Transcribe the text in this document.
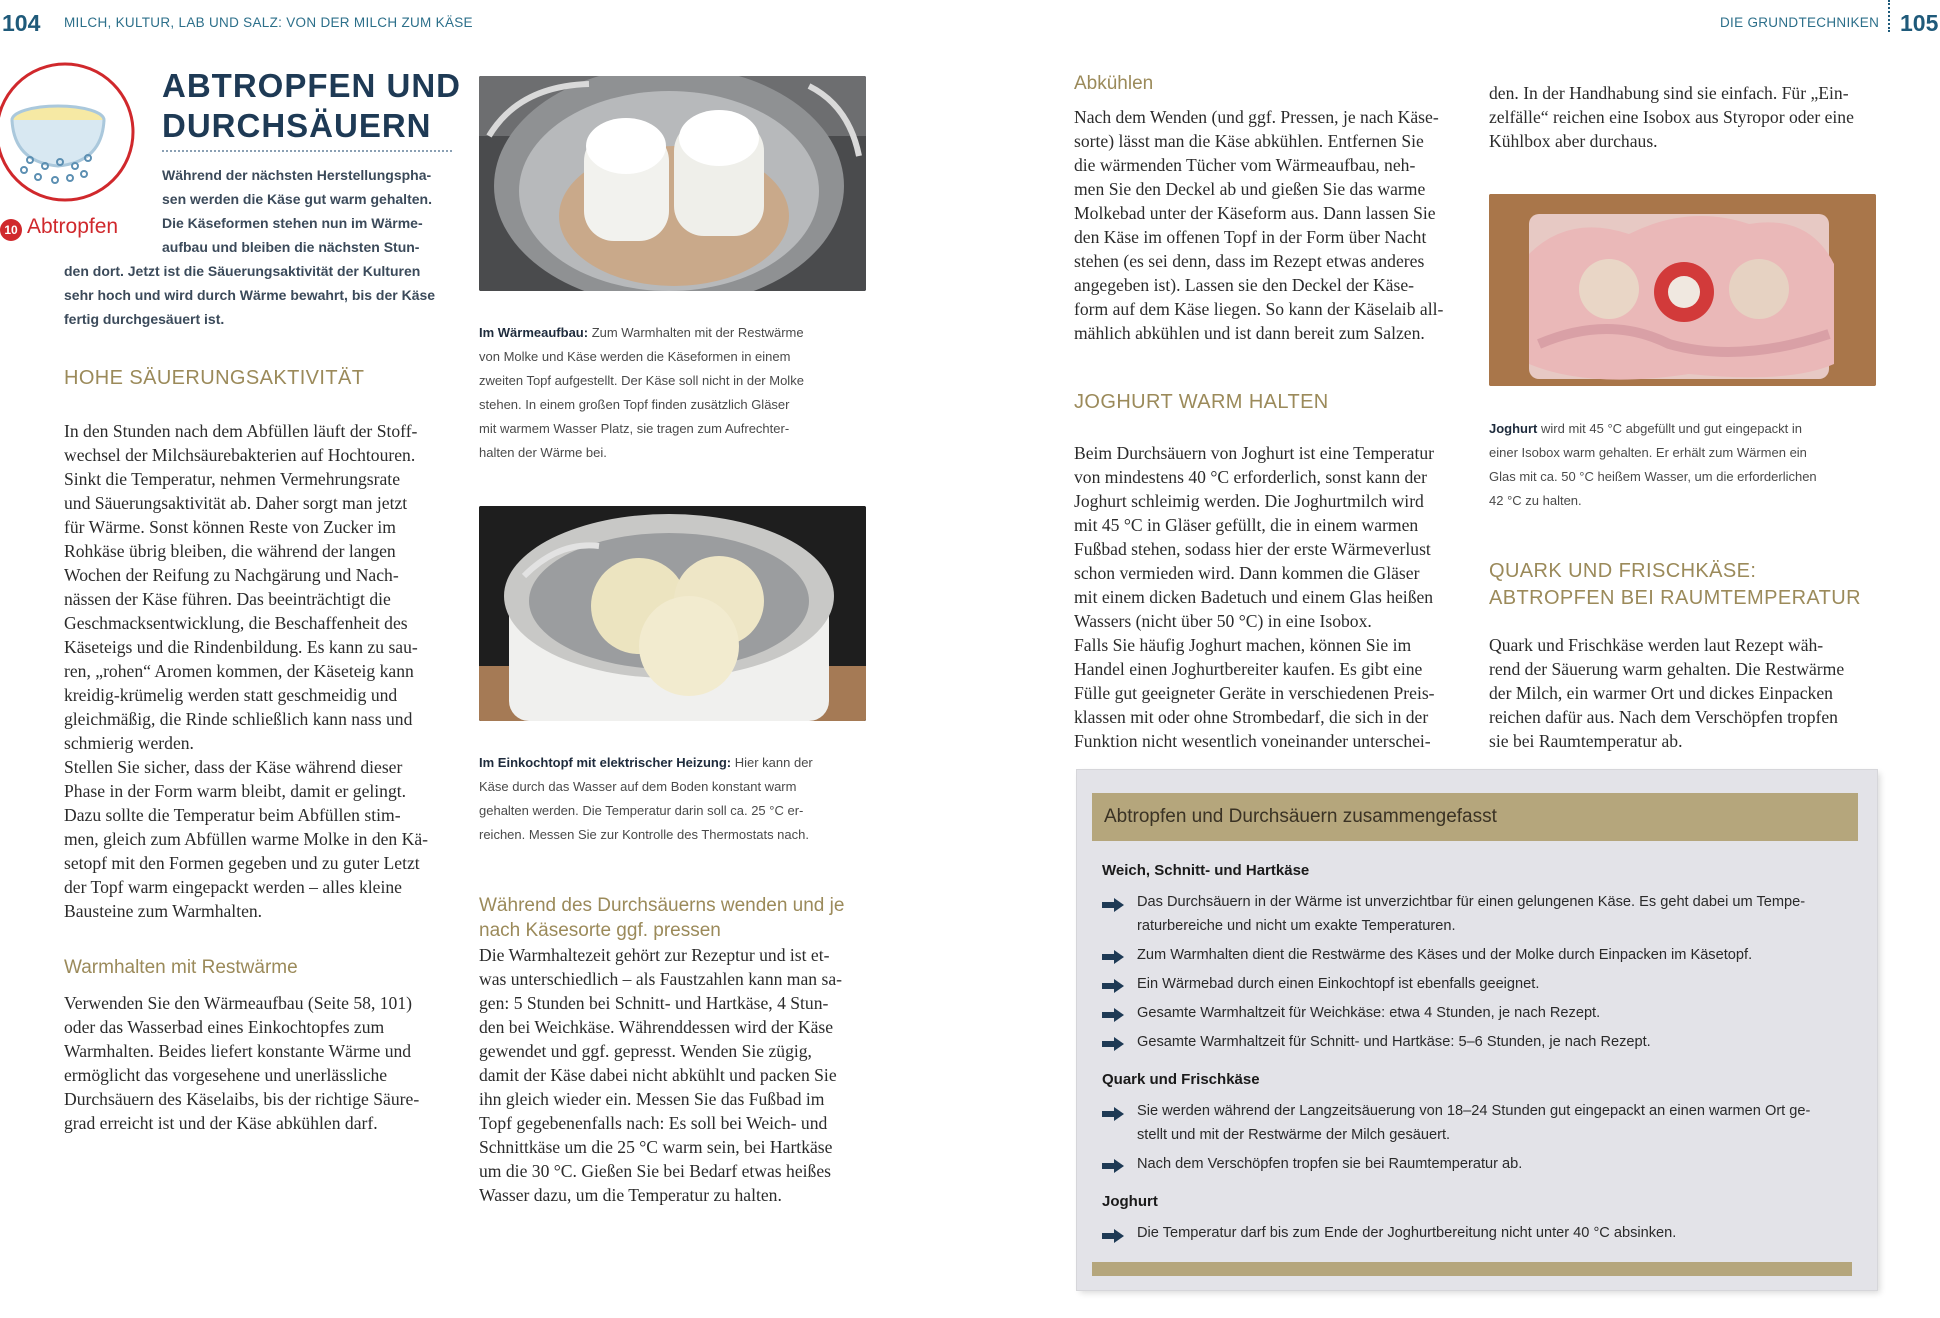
104 MILCH, KULTUR, LAB UND SALZ: VON DER MILCH ZUM KÄSE	DIE GRUNDTECHNIKEN 105
10 Abtropfen
ABTROPFEN UND
DURCHSÄUERN
Während der nächsten Herstellungspha-
sen werden die Käse gut warm gehalten.
Die Käseformen stehen nun im Wärme-
aufbau und bleiben die nächsten Stun-
den dort. Jetzt ist die Säuerungsaktivität der Kulturen
sehr hoch und wird durch Wärme bewahrt, bis der Käse
fertig durchgesäuert ist.
HOHE SÄUERUNGSAKTIVITÄT
In den Stunden nach dem Abfüllen läuft der Stoff-
wechsel der Milchsäurebakterien auf Hochtouren.
Sinkt die Temperatur, nehmen Vermehrungsrate
und Säuerungsaktivität ab. Daher sorgt man jetzt
für Wärme. Sonst können Reste von Zucker im
Rohkäse übrig bleiben, die während der langen
Wochen der Reifung zu Nachgärung und Nach-
nässen der Käse führen. Das beeinträchtigt die
Geschmacksentwicklung, die Beschaffenheit des
Käseteigs und die Rindenbildung. Es kann zu sau-
ren, „rohen“ Aromen kommen, der Käseteig kann
kreidig-krümelig werden statt geschmeidig und
gleichmäßig, die Rinde schließlich kann nass und
schmierig werden.
Stellen Sie sicher, dass der Käse während dieser
Phase in der Form warm bleibt, damit er gelingt.
Dazu sollte die Temperatur beim Abfüllen stim-
men, gleich zum Abfüllen warme Molke in den Kä-
setopf mit den Formen gegeben und zu guter Letzt
der Topf warm eingepackt werden – alles kleine
Bausteine zum Warmhalten.
Warmhalten mit Restwärme
Verwenden Sie den Wärmeaufbau (Seite 58, 101)
oder das Wasserbad eines Einkochtopfes zum
Warmhalten. Beides liefert konstante Wärme und
ermöglicht das vorgesehene und unerlässliche
Durchsäuern des Käselaibs, bis der richtige Säure-
grad erreicht ist und der Käse abkühlen darf.
Im Wärmeaufbau: Zum Warmhalten mit der Restwärme
von Molke und Käse werden die Käseformen in einem
zweiten Topf aufgestellt. Der Käse soll nicht in der Molke
stehen. In einem großen Topf finden zusätzlich Gläser
mit warmem Wasser Platz, sie tragen zum Aufrechter-
halten der Wärme bei.
Im Einkochtopf mit elektrischer Heizung: Hier kann der
Käse durch das Wasser auf dem Boden konstant warm
gehalten werden. Die Temperatur darin soll ca. 25 °C er-
reichen. Messen Sie zur Kontrolle des Thermostats nach.
Während des Durchsäuerns wenden und je
nach Käsesorte ggf. pressen
Die Warmhaltezeit gehört zur Rezeptur und ist et-
was unterschiedlich – als Faustzahlen kann man sa-
gen: 5 Stunden bei Schnitt- und Hartkäse, 4 Stun-
den bei Weichkäse. Währenddessen wird der Käse
gewendet und ggf. gepresst. Wenden Sie zügig,
damit der Käse dabei nicht abkühlt und packen Sie
ihn gleich wieder ein. Messen Sie das Fußbad im
Topf gegebenenfalls nach: Es soll bei Weich- und
Schnittkäse um die 25 °C warm sein, bei Hartkäse
um die 30 °C. Gießen Sie bei Bedarf etwas heißes
Wasser dazu, um die Temperatur zu halten.
Abkühlen
Nach dem Wenden (und ggf. Pressen, je nach Käse-
sorte) lässt man die Käse abkühlen. Entfernen Sie
die wärmenden Tücher vom Wärmeaufbau, neh-
men Sie den Deckel ab und gießen Sie das warme
Molkebad unter der Käseform aus. Dann lassen Sie
den Käse im offenen Topf in der Form über Nacht
stehen (es sei denn, dass im Rezept etwas anderes
angegeben ist). Lassen sie den Deckel der Käse-
form auf dem Käse liegen. So kann der Käselaib all-
mählich abkühlen und ist dann bereit zum Salzen.
JOGHURT WARM HALTEN
Beim Durchsäuern von Joghurt ist eine Temperatur
von mindestens 40 °C erforderlich, sonst kann der
Joghurt schleimig werden. Die Joghurtmilch wird
mit 45 °C in Gläser gefüllt, die in einem warmen
Fußbad stehen, sodass hier der erste Wärmeverlust
schon vermieden wird. Dann kommen die Gläser
mit einem dicken Badetuch und einem Glas heißen
Wassers (nicht über 50 °C) in eine Isobox.
Falls Sie häufig Joghurt machen, können Sie im
Handel einen Joghurtbereiter kaufen. Es gibt eine
Fülle gut geeigneter Geräte in verschiedenen Preis-
klassen mit oder ohne Strombedarf, die sich in der
Funktion nicht wesentlich voneinander unterschei-
den. In der Handhabung sind sie einfach. Für „Ein-
zelfälle“ reichen eine Isobox aus Styropor oder eine
Kühlbox aber durchaus.
Joghurt wird mit 45 °C abgefüllt und gut eingepackt in
einer Isobox warm gehalten. Er erhält zum Wärmen ein
Glas mit ca. 50 °C heißem Wasser, um die erforderlichen
42 °C zu halten.
QUARK UND FRISCHKÄSE:
ABTROPFEN BEI RAUMTEMPERATUR
Quark und Frischkäse werden laut Rezept wäh-
rend der Säuerung warm gehalten. Die Restwärme
der Milch, ein warmer Ort und dickes Einpacken
reichen dafür aus. Nach dem Verschöpfen tropfen
sie bei Raumtemperatur ab.
Abtropfen und Durchsäuern zusammengefasst
Weich, Schnitt- und Hartkäse
Das Durchsäuern in der Wärme ist unverzichtbar für einen gelungenen Käse. Es geht dabei um Tempe-
raturbereiche und nicht um exakte Temperaturen.
Zum Warmhalten dient die Restwärme des Käses und der Molke durch Einpacken im Käsetopf.
Ein Wärmebad durch einen Einkochtopf ist ebenfalls geeignet.
Gesamte Warmhaltzeit für Weichkäse: etwa 4 Stunden, je nach Rezept.
Gesamte Warmhaltzeit für Schnitt- und Hartkäse: 5–6 Stunden, je nach Rezept.
Quark und Frischkäse
Sie werden während der Langzeitsäuerung von 18–24 Stunden gut eingepackt an einen warmen Ort ge-
stellt und mit der Restwärme der Milch gesäuert.
Nach dem Verschöpfen tropfen sie bei Raumtemperatur ab.
Joghurt
Die Temperatur darf bis zum Ende der Joghurtbereitung nicht unter 40 °C absinken.
